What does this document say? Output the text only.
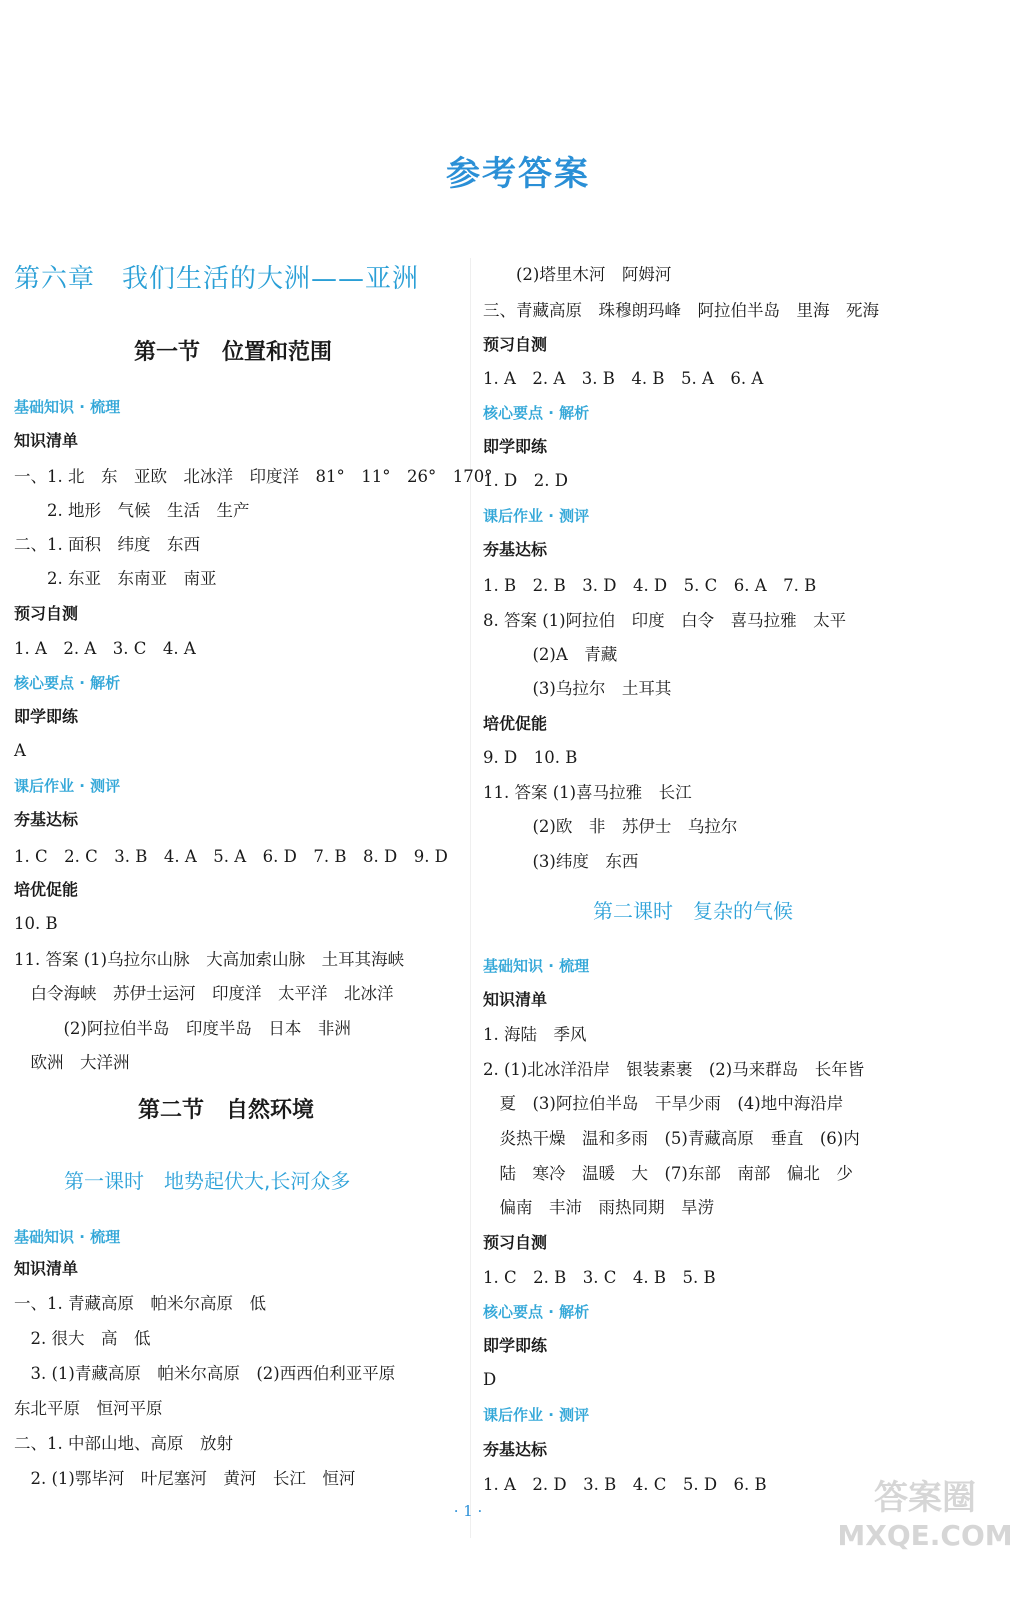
参考答案
第六章　我们生活的大洲——亚洲
第一节　位置和范围
基础知识 · 梳理
知识清单
一、1. 北　东　亚欧　北冰洋　印度洋　81°　11°　26°　170°
　　2. 地形　气候　生活　生产
二、1. 面积　纬度　东西
　　2. 东亚　东南亚　南亚
预习自测
1. A　2. A　3. C　4. A
核心要点 · 解析
即学即练
A
课后作业 · 测评
夯基达标
1. C　2. C　3. B　4. A　5. A　6. D　7. B　8. D　9. D
培优促能
10. B
11. 答案 (1)乌拉尔山脉　大高加索山脉　土耳其海峡
　白令海峡　苏伊士运河　印度洋　太平洋　北冰洋
　　　(2)阿拉伯半岛　印度半岛　日本　非洲
　欧洲　大洋洲
第二节　自然环境
第一课时　地势起伏大,长河众多
基础知识 · 梳理
知识清单
一、1. 青藏高原　帕米尔高原　低
　2. 很大　高　低
　3. (1)青藏高原　帕米尔高原　(2)西西伯利亚平原
东北平原　恒河平原
二、1. 中部山地、高原　放射
　2. (1)鄂毕河　叶尼塞河　黄河　长江　恒河
　　(2)塔里木河　阿姆河
三、青藏高原　珠穆朗玛峰　阿拉伯半岛　里海　死海
预习自测
1. A　2. A　3. B　4. B　5. A　6. A
核心要点 · 解析
即学即练
1. D　2. D
课后作业 · 测评
夯基达标
1. B　2. B　3. D　4. D　5. C　6. A　7. B
8. 答案 (1)阿拉伯　印度　白令　喜马拉雅　太平
　　　(2)A　青藏
　　　(3)乌拉尔　土耳其
培优促能
9. D　10. B
11. 答案 (1)喜马拉雅　长江
　　　(2)欧　非　苏伊士　乌拉尔
　　　(3)纬度　东西
第二课时　复杂的气候
基础知识 · 梳理
知识清单
1. 海陆　季风
2. (1)北冰洋沿岸　银装素裹　(2)马来群岛　长年皆
　夏　(3)阿拉伯半岛　干旱少雨　(4)地中海沿岸
　炎热干燥　温和多雨　(5)青藏高原　垂直　(6)内
　陆　寒冷　温暖　大　(7)东部　南部　偏北　少
　偏南　丰沛　雨热同期　旱涝
预习自测
1. C　2. B　3. C　4. B　5. B
核心要点 · 解析
即学即练
D
课后作业 · 测评
夯基达标
1. A　2. D　3. B　4. C　5. D　6. B
· 1 ·	答案圈
MXQE.COM
